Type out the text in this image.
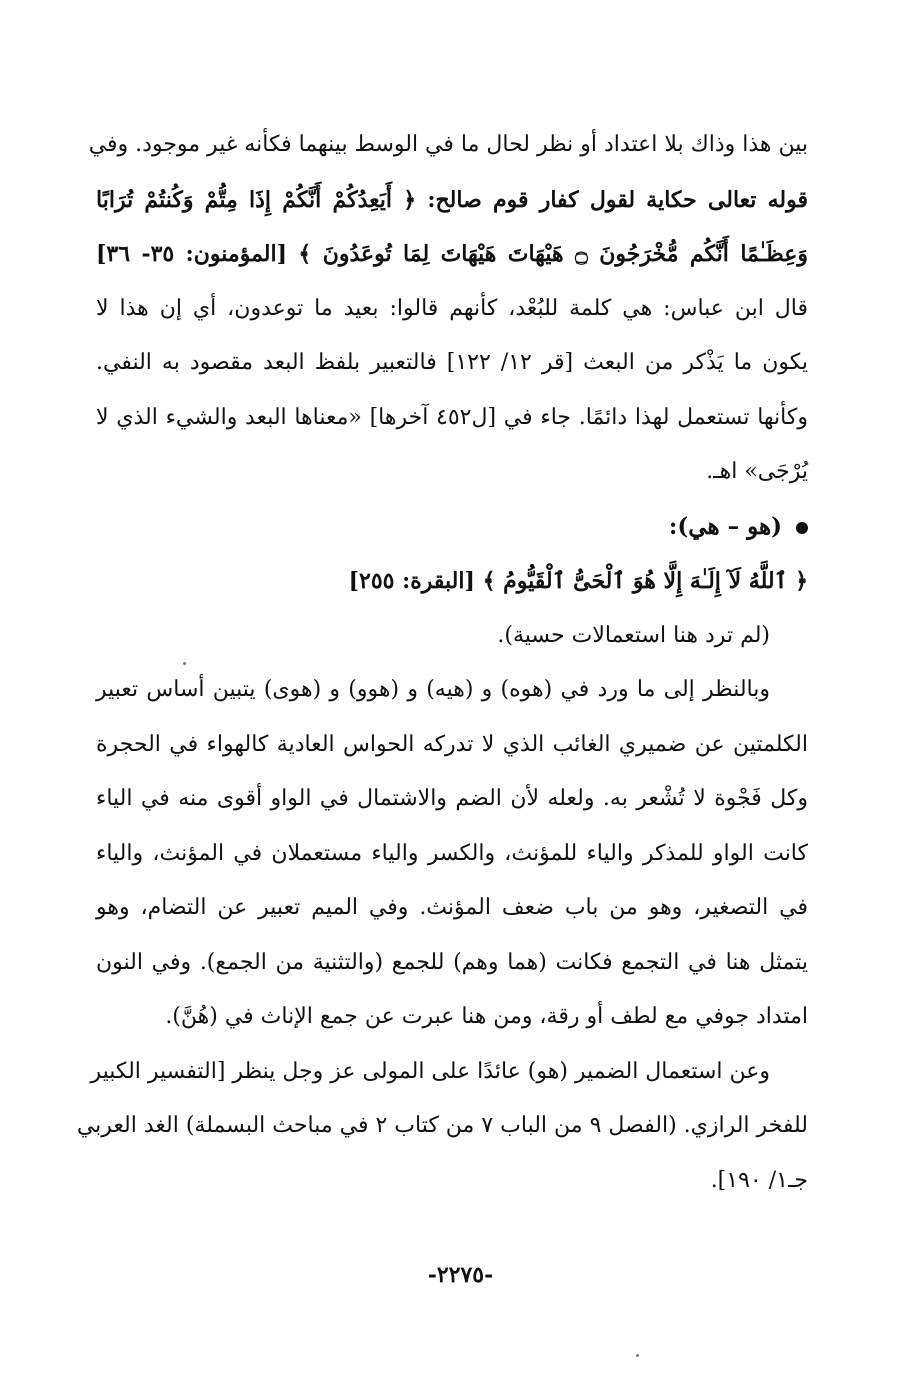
بين هذا وذاك بلا اعتداد أو نظر لحال ما في الوسط بينهما فكأنه غير موجود. وفي
قوله تعالى حكاية لقول كفار قوم صالح: ﴿ أَيَعِدُكُمْ أَنَّكُمْ إِذَا مِتُّمْ وَكُنتُمْ تُرَابًا
وَعِظَـٰمًا أَنَّكُم مُّخْرَجُونَ ۝ هَيْهَاتَ هَيْهَاتَ لِمَا تُوعَدُونَ ﴾ [المؤمنون: ٣٥- ٣٦]
قال ابن عباس: هي كلمة للبُعْد، كأنهم قالوا: بعيد ما توعدون، أي إن هذا لا
يكون ما يَذْكر من البعث [قر ١٢/ ١٢٢] فالتعبير بلفظ البعد مقصود به النفي.
وكأنها تستعمل لهذا دائمًا. جاء في [ل٤٥٢ آخرها] «معناها البعد والشيء الذي لا
يُرْجَى» اهـ.
(هو – هي):
﴿ ٱللَّهُ لَآ إِلَـٰهَ إِلَّا هُوَ ٱلْحَىُّ ٱلْقَيُّومُ ﴾ [البقرة: ٢٥٥]
(لم ترد هنا استعمالات حسية).
وبالنظر إلى ما ورد في (هوه) و (هيه) و (هوو) و (هوى) يتبين أساس تعبير
الكلمتين عن ضميري الغائب الذي لا تدركه الحواس العادية كالهواء في الحجرة
وكل فَجْوة لا تُشْعر به. ولعله لأن الضم والاشتمال في الواو أقوى منه في الياء
كانت الواو للمذكر والياء للمؤنث، والكسر والياء مستعملان في المؤنث، والياء
في التصغير، وهو من باب ضعف المؤنث. وفي الميم تعبير عن التضام، وهو
يتمثل هنا في التجمع فكانت (هما وهم) للجمع (والتثنية من الجمع). وفي النون
امتداد جوفي مع لطف أو رقة، ومن هنا عبرت عن جمع الإناث في (هُنَّ).
وعن استعمال الضمير (هو) عائدًا على المولى عز وجل ينظر [التفسير الكبير
للفخر الرازي. (الفصل ٩ من الباب ٧ من كتاب ٢ في مباحث البسملة) الغد العربي
جـ١/ ١٩٠].
-٢٢٧٥-
